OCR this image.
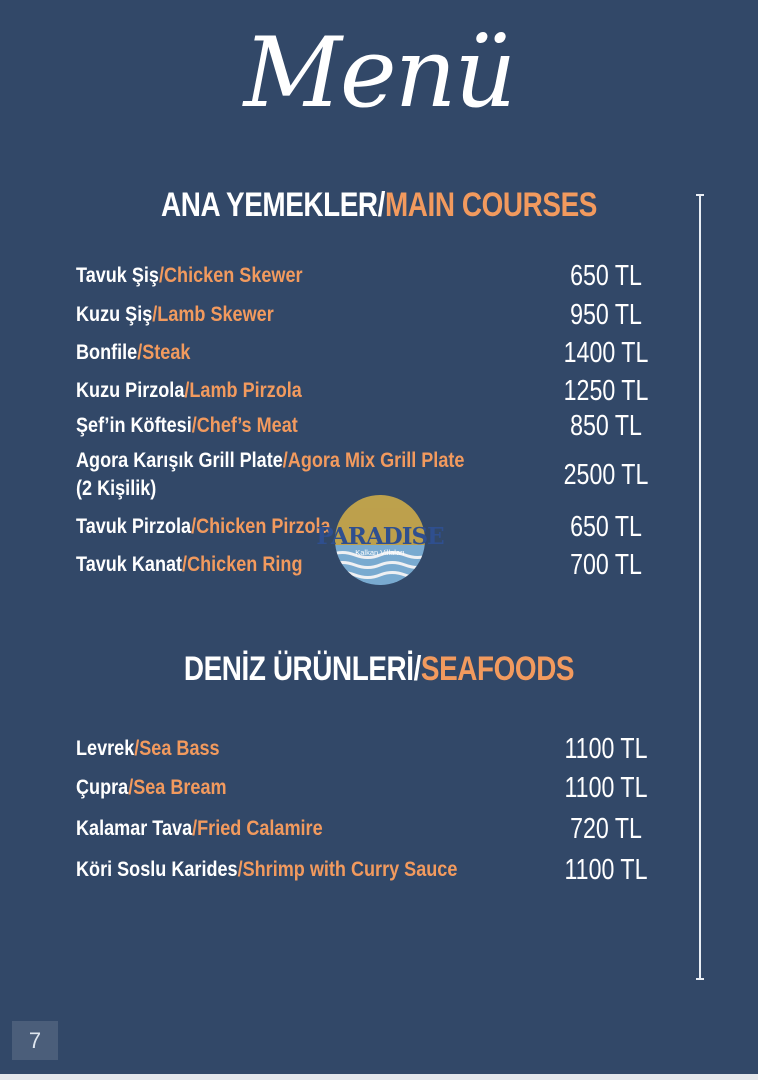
Menü
ANA YEMEKLER/MAIN COURSES
Tavuk Şiş/Chicken Skewer	650 TL
Kuzu Şiş/Lamb Skewer	950 TL
Bonfile/Steak	1400 TL
Kuzu Pirzola/Lamb Pirzola	1250 TL
Şef’in Köftesi/Chef’s Meat	850 TL
Agora Karışık Grill Plate/Agora Mix Grill Plate
(2 Kişilik)	2500 TL
Tavuk Pirzola/Chicken Pirzola	650 TL
Tavuk Kanat/Chicken Ring	700 TL
DENİZ ÜRÜNLERİ/SEAFOODS
Levrek/Sea Bass	1100 TL
Çupra/Sea Bream	1100 TL
Kalamar Tava/Fried Calamire	720 TL
Köri Soslu Karides/Shrimp with Curry Sauce	1100 TL
PARADISE
Kalkan Villaları
7
